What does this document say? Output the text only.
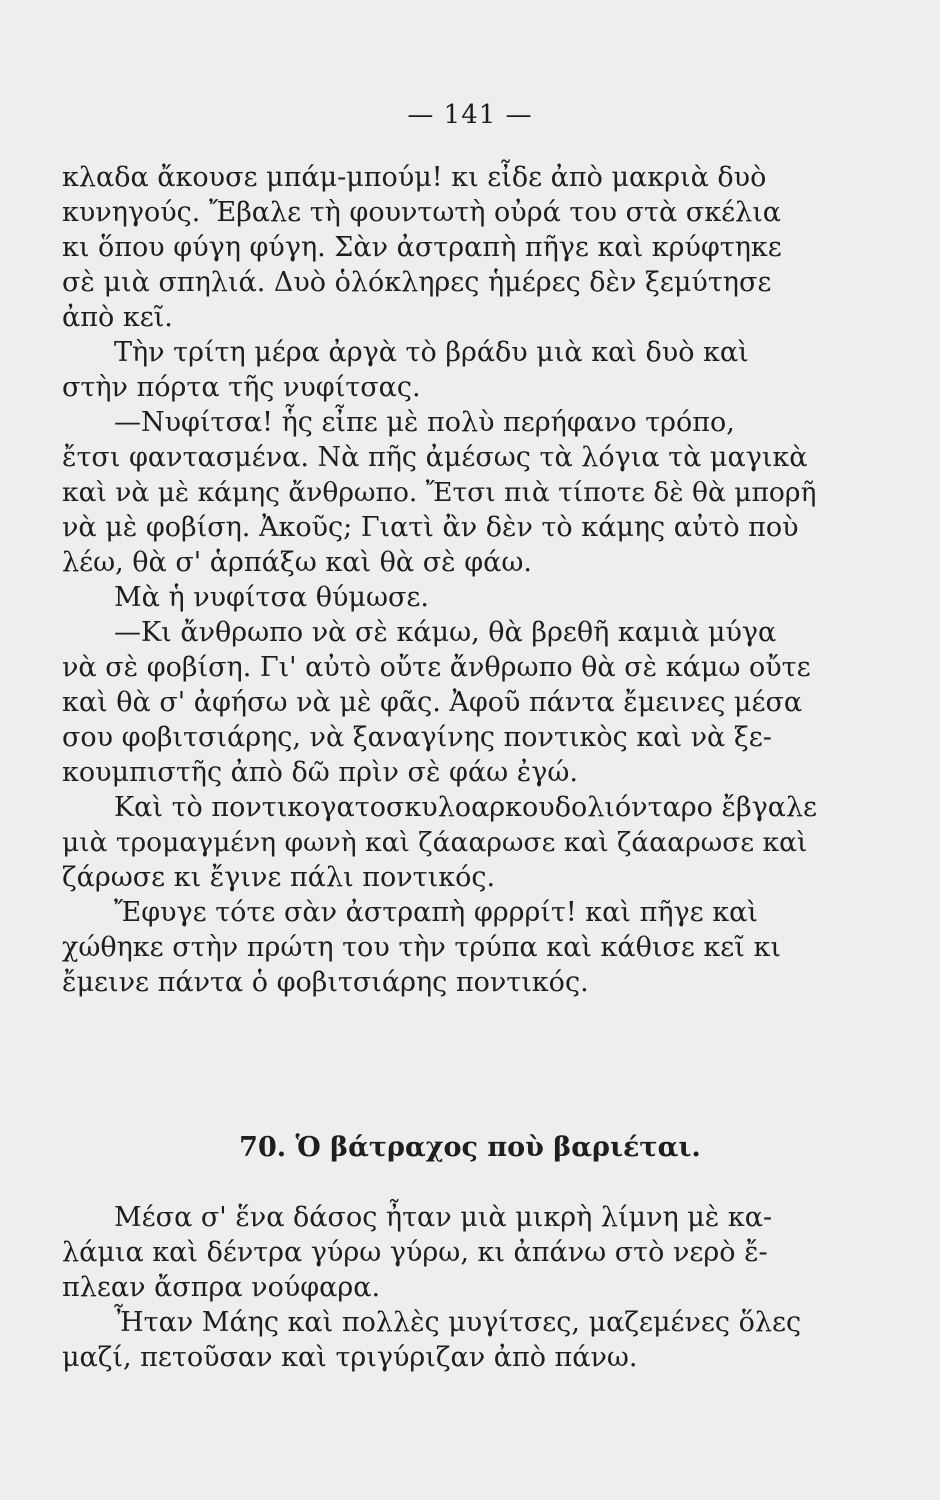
— 141 —
κλαδα ἄκουσε μπάμ-μπούμ! κι εἶδε ἀπὸ μακριὰ δυὸ
κυνηγούς. Ἔβαλε τὴ φουντωτὴ οὐρά του στὰ σκέλια
κι ὅπου φύγη φύγη. Σὰν ἀστραπὴ πῆγε καὶ κρύφτηκε
σὲ μιὰ σπηλιά. Δυὸ ὁλόκληρες ἡμέρες δὲν ξεμύτησε
ἀπὸ κεῖ.
Τὴν τρίτη μέρα ἀργὰ τὸ βράδυ μιὰ καὶ δυὸ καὶ
στὴν πόρτα τῆς νυφίτσας.
—Νυφίτσα! ἧς εἶπε μὲ πολὺ περήφανο τρόπο,
ἔτσι φαντασμένα. Νὰ πῆς ἀμέσως τὰ λόγια τὰ μαγικὰ
καὶ νὰ μὲ κάμης ἄνθρωπο. Ἔτσι πιὰ τίποτε δὲ θὰ μπορῆ
νὰ μὲ φοβίση. Ἀκοῦς; Γιατὶ ἂν δὲν τὸ κάμης αὐτὸ ποὺ
λέω, θὰ σ' ἁρπάξω καὶ θὰ σὲ φάω.
Μὰ ἡ νυφίτσα θύμωσε.
—Κι ἄνθρωπο νὰ σὲ κάμω, θὰ βρεθῆ καμιὰ μύγα
νὰ σὲ φοβίση. Γι' αὐτὸ οὔτε ἄνθρωπο θὰ σὲ κάμω οὔτε
καὶ θὰ σ' ἀφήσω νὰ μὲ φᾶς. Ἀφοῦ πάντα ἔμεινες μέσα
σου φοβιτσιάρης, νὰ ξαναγίνης ποντικὸς καὶ νὰ ξε-
κουμπιστῆς ἀπὸ δῶ πρὶν σὲ φάω ἐγώ.
Καὶ τὸ ποντικογατοσκυλοαρκουδολιόνταρο ἔβγαλε
μιὰ τρομαγμένη φωνὴ καὶ ζάααρωσε καὶ ζάααρωσε καὶ
ζάρωσε κι ἔγινε πάλι ποντικός.
Ἔφυγε τότε σὰν ἀστραπὴ φρρρίτ! καὶ πῆγε καὶ
χώθηκε στὴν πρώτη του τὴν τρύπα καὶ κάθισε κεῖ κι
ἔμεινε πάντα ὁ φοβιτσιάρης ποντικός.
70. Ὁ βάτραχος ποὺ βαριέται.
Μέσα σ' ἕνα δάσος ἦταν μιὰ μικρὴ λίμνη μὲ κα-
λάμια καὶ δέντρα γύρω γύρω, κι ἀπάνω στὸ νερὸ ἔ-
πλεαν ἄσπρα νούφαρα.
Ἦταν Μάης καὶ πολλὲς μυγίτσες, μαζεμένες ὅλες
μαζί, πετοῦσαν καὶ τριγύριζαν ἀπὸ πάνω.
